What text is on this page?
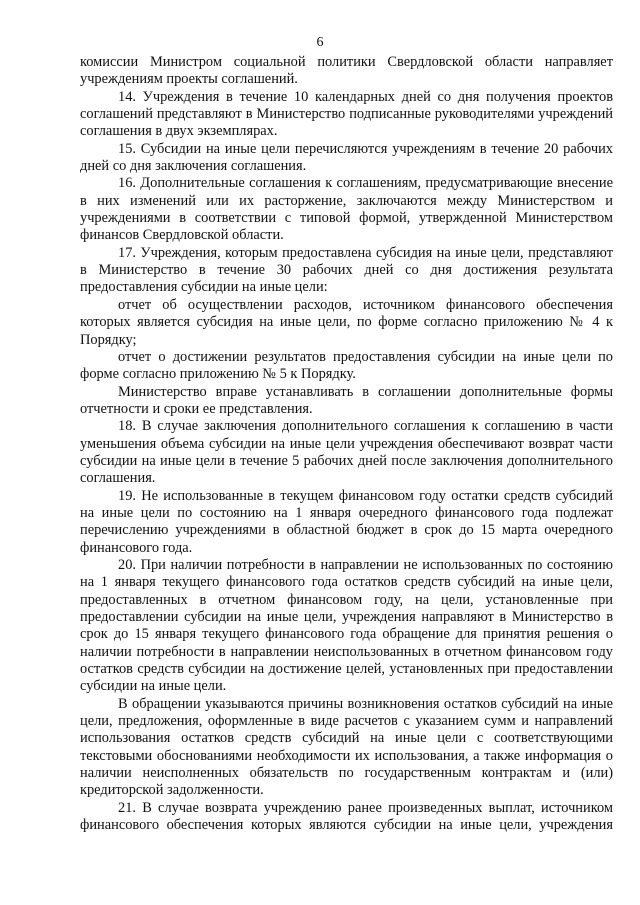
6

комиссии Министром социальной политики Свердловской области направляет учреждениям проекты соглашений.

14. Учреждения в течение 10 календарных дней со дня получения проектов соглашений представляют в Министерство подписанные руководителями учреждений соглашения в двух экземплярах.

15. Субсидии на иные цели перечисляются учреждениям в течение 20 рабочих дней со дня заключения соглашения.

16. Дополнительные соглашения к соглашениям, предусматривающие внесение в них изменений или их расторжение, заключаются между Министерством и учреждениями в соответствии с типовой формой, утвержденной Министерством финансов Свердловской области.

17. Учреждения, которым предоставлена субсидия на иные цели, представляют в Министерство в течение 30 рабочих дней со дня достижения результата предоставления субсидии на иные цели:

отчет об осуществлении расходов, источником финансового обеспечения которых является субсидия на иные цели, по форме согласно приложению № 4 к Порядку;

отчет о достижении результатов предоставления субсидии на иные цели по форме согласно приложению № 5 к Порядку.

Министерство вправе устанавливать в соглашении дополнительные формы отчетности и сроки ее представления.

18. В случае заключения дополнительного соглашения к соглашению в части уменьшения объема субсидии на иные цели учреждения обеспечивают возврат части субсидии на иные цели в течение 5 рабочих дней после заключения дополнительного соглашения.

19. Не использованные в текущем финансовом году остатки средств субсидий на иные цели по состоянию на 1 января очередного финансового года подлежат перечислению учреждениями в областной бюджет в срок до 15 марта очередного финансового года.

20. При наличии потребности в направлении не использованных по состоянию на 1 января текущего финансового года остатков средств субсидий на иные цели, предоставленных в отчетном финансовом году, на цели, установленные при предоставлении субсидии на иные цели, учреждения направляют в Министерство в срок до 15 января текущего финансового года обращение для принятия решения о наличии потребности в направлении неиспользованных в отчетном финансовом году остатков средств субсидии на достижение целей, установленных при предоставлении субсидии на иные цели.

В обращении указываются причины возникновения остатков субсидий на иные цели, предложения, оформленные в виде расчетов с указанием сумм и направлений использования остатков средств субсидий на иные цели с соответствующими текстовыми обоснованиями необходимости их использования, а также информация о наличии неисполненных обязательств по государственным контрактам и (или) кредиторской задолженности.

21. В случае возврата учреждению ранее произведенных выплат, источником финансового обеспечения которых являются субсидии на иные цели, учреждения
